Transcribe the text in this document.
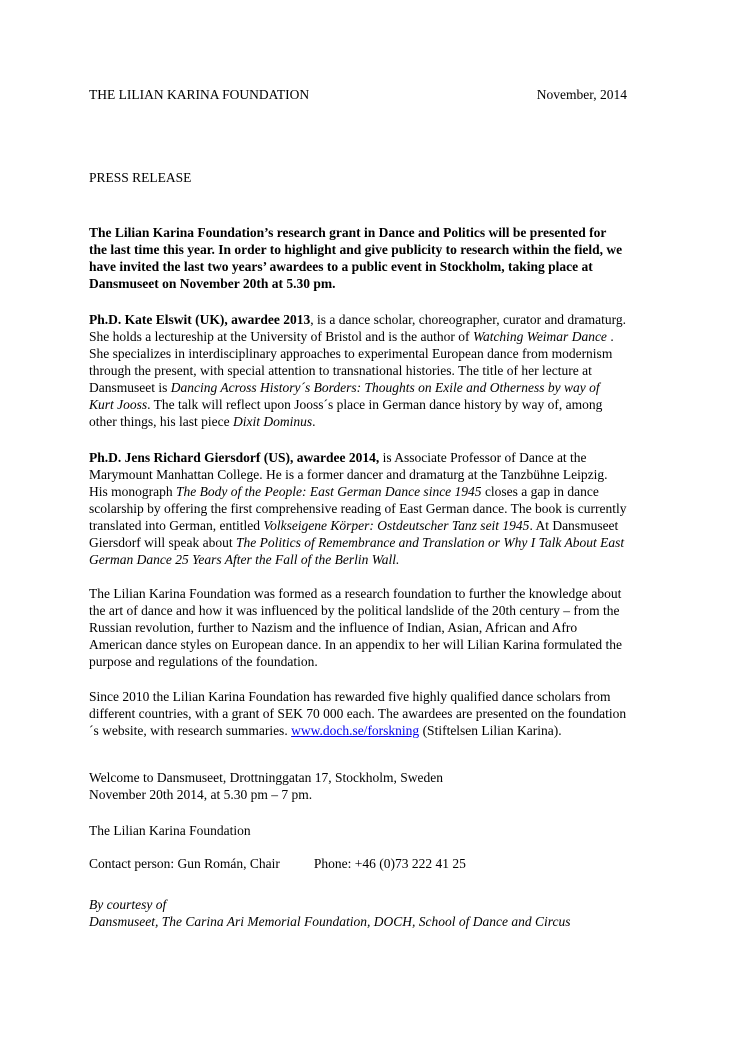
THE LILIAN KARINA FOUNDATION	November, 2014

PRESS RELEASE

The Lilian Karina Foundation’s research grant in Dance and Politics will be presented for the last time this year. In order to highlight and give publicity to research within the field, we have invited the last two years’ awardees to a public event in Stockholm, taking place at Dansmuseet on November 20th at 5.30 pm.

Ph.D. Kate Elswit (UK), awardee 2013, is a dance scholar, choreographer, curator and dramaturg. She holds a lectureship at the University of Bristol and is the author of Watching Weimar Dance . She specializes in interdisciplinary approaches to experimental European dance from modernism through the present, with special attention to transnational histories. The title of her lecture at Dansmuseet is Dancing Across History´s Borders: Thoughts on Exile and Otherness by way of Kurt Jooss. The talk will reflect upon Jooss´s place in German dance history by way of, among other things, his last piece Dixit Dominus.

Ph.D. Jens Richard Giersdorf (US), awardee 2014, is Associate Professor of Dance at the Marymount Manhattan College. He is a former dancer and dramaturg at the Tanzbühne Leipzig. His monograph The Body of the People: East German Dance since 1945 closes a gap in dance scolarship by offering the first comprehensive reading of East German dance. The book is currently translated into German, entitled Volkseigene Körper: Ostdeutscher Tanz seit 1945. At Dansmuseet Giersdorf will speak about The Politics of Remembrance and Translation or Why I Talk About East German Dance 25 Years After the Fall of the Berlin Wall.

The Lilian Karina Foundation was formed as a research foundation to further the knowledge about the art of dance and how it was influenced by the political landslide of the 20th century – from the Russian revolution, further to Nazism and the influence of Indian, Asian, African and Afro American dance styles on European dance. In an appendix to her will Lilian Karina formulated the purpose and regulations of the foundation.

Since 2010 the Lilian Karina Foundation has rewarded five highly qualified dance scholars from different countries, with a grant of SEK 70 000 each. The awardees are presented on the foundation´s website, with research summaries. www.doch.se/forskning (Stiftelsen Lilian Karina).

Welcome to Dansmuseet, Drottninggatan 17, Stockholm, Sweden

November 20th 2014, at 5.30 pm – 7 pm.

The Lilian Karina Foundation

Contact person: Gun Román, Chair	Phone: +46 (0)73 222 41 25

By courtesy of

Dansmuseet, The Carina Ari Memorial Foundation, DOCH, School of Dance and Circus
